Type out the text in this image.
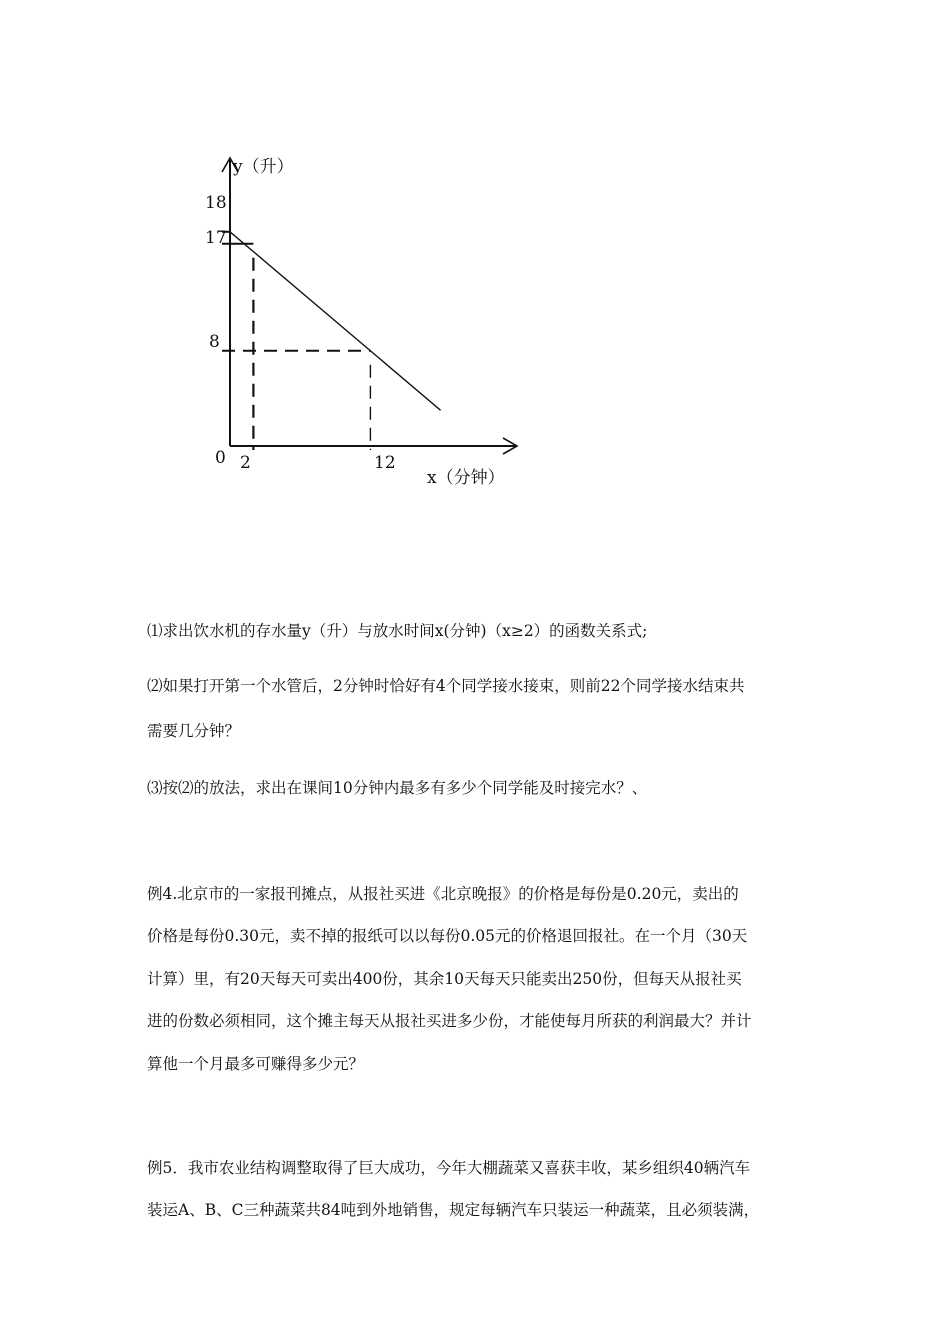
y（升）
18
17
8
0 2	12
x（分钟）

⑴求出饮水机的存水量y（升）与放水时间x(分钟)（x≥2）的函数关系式;

⑵如果打开第一个水管后，2分钟时恰好有4个同学接水接束，则前22个同学接水结束共

需要几分钟？

⑶按⑵的放法，求出在课间10分钟内最多有多少个同学能及时接完水？、

例4.北京市的一家报刊摊点，从报社买进《北京晚报》的价格是每份是0.20元，卖出的

价格是每份0.30元，卖不掉的报纸可以以每份0.05元的价格退回报社。在一个月（30天

计算）里，有20天每天可卖出400份，其余10天每天只能卖出250份，但每天从报社买

进的份数必须相同，这个摊主每天从报社买进多少份，才能使每月所获的利润最大？并计

算他一个月最多可赚得多少元？

例5．我市农业结构调整取得了巨大成功，今年大棚蔬菜又喜获丰收，某乡组织40辆汽车

装运A、B、C三种蔬菜共84吨到外地销售，规定每辆汽车只装运一种蔬菜，且必须装满，
